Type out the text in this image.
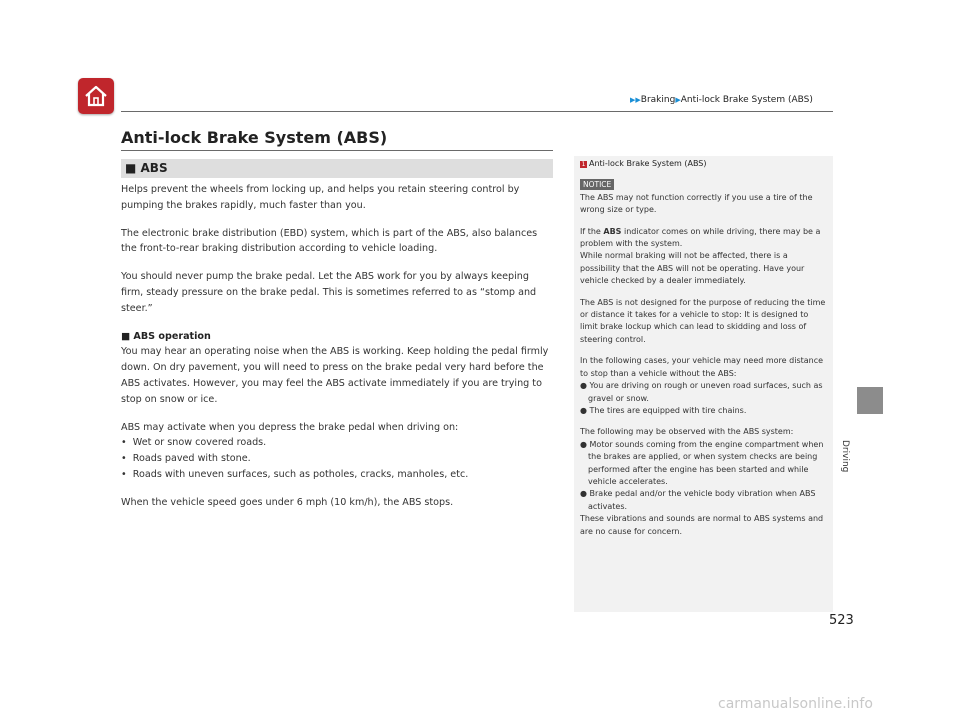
▶▶Braking▶Anti-lock Brake System (ABS)
Anti-lock Brake System (ABS)
■ ABS

Helps prevent the wheels from locking up, and helps you retain steering control by pumping the brakes rapidly, much faster than you.

The electronic brake distribution (EBD) system, which is part of the ABS, also balances the front-to-rear braking distribution according to vehicle loading.

You should never pump the brake pedal. Let the ABS work for you by always keeping firm, steady pressure on the brake pedal. This is sometimes referred to as “stomp and steer.”

■ ABS operation

You may hear an operating noise when the ABS is working. Keep holding the pedal firmly down. On dry pavement, you will need to press on the brake pedal very hard before the ABS activates. However, you may feel the ABS activate immediately if you are trying to stop on snow or ice.

ABS may activate when you depress the brake pedal when driving on:
•  Wet or snow covered roads.
•  Roads paved with stone.
•  Roads with uneven surfaces, such as potholes, cracks, manholes, etc.

When the vehicle speed goes under 6 mph (10 km/h), the ABS stops.

1 Anti-lock Brake System (ABS)
NOTICE

The ABS may not function correctly if you use a tire of the wrong size or type.

If the ABS indicator comes on while driving, there may be a problem with the system.

While normal braking will not be affected, there is a possibility that the ABS will not be operating. Have your vehicle checked by a dealer immediately.

The ABS is not designed for the purpose of reducing the time or distance it takes for a vehicle to stop: It is designed to limit brake lockup which can lead to skidding and loss of steering control.

In the following cases, your vehicle may need more distance to stop than a vehicle without the ABS:
● You are driving on rough or uneven road surfaces, such as gravel or snow.
● The tires are equipped with tire chains.
The following may be observed with the ABS system:
● Motor sounds coming from the engine compartment when the brakes are applied, or when system checks are being performed after the engine has been started and while vehicle accelerates.
● Brake pedal and/or the vehicle body vibration when ABS activates.
These vibrations and sounds are normal to ABS systems and are no cause for concern.
Driving
523
carmanualsonline.info
